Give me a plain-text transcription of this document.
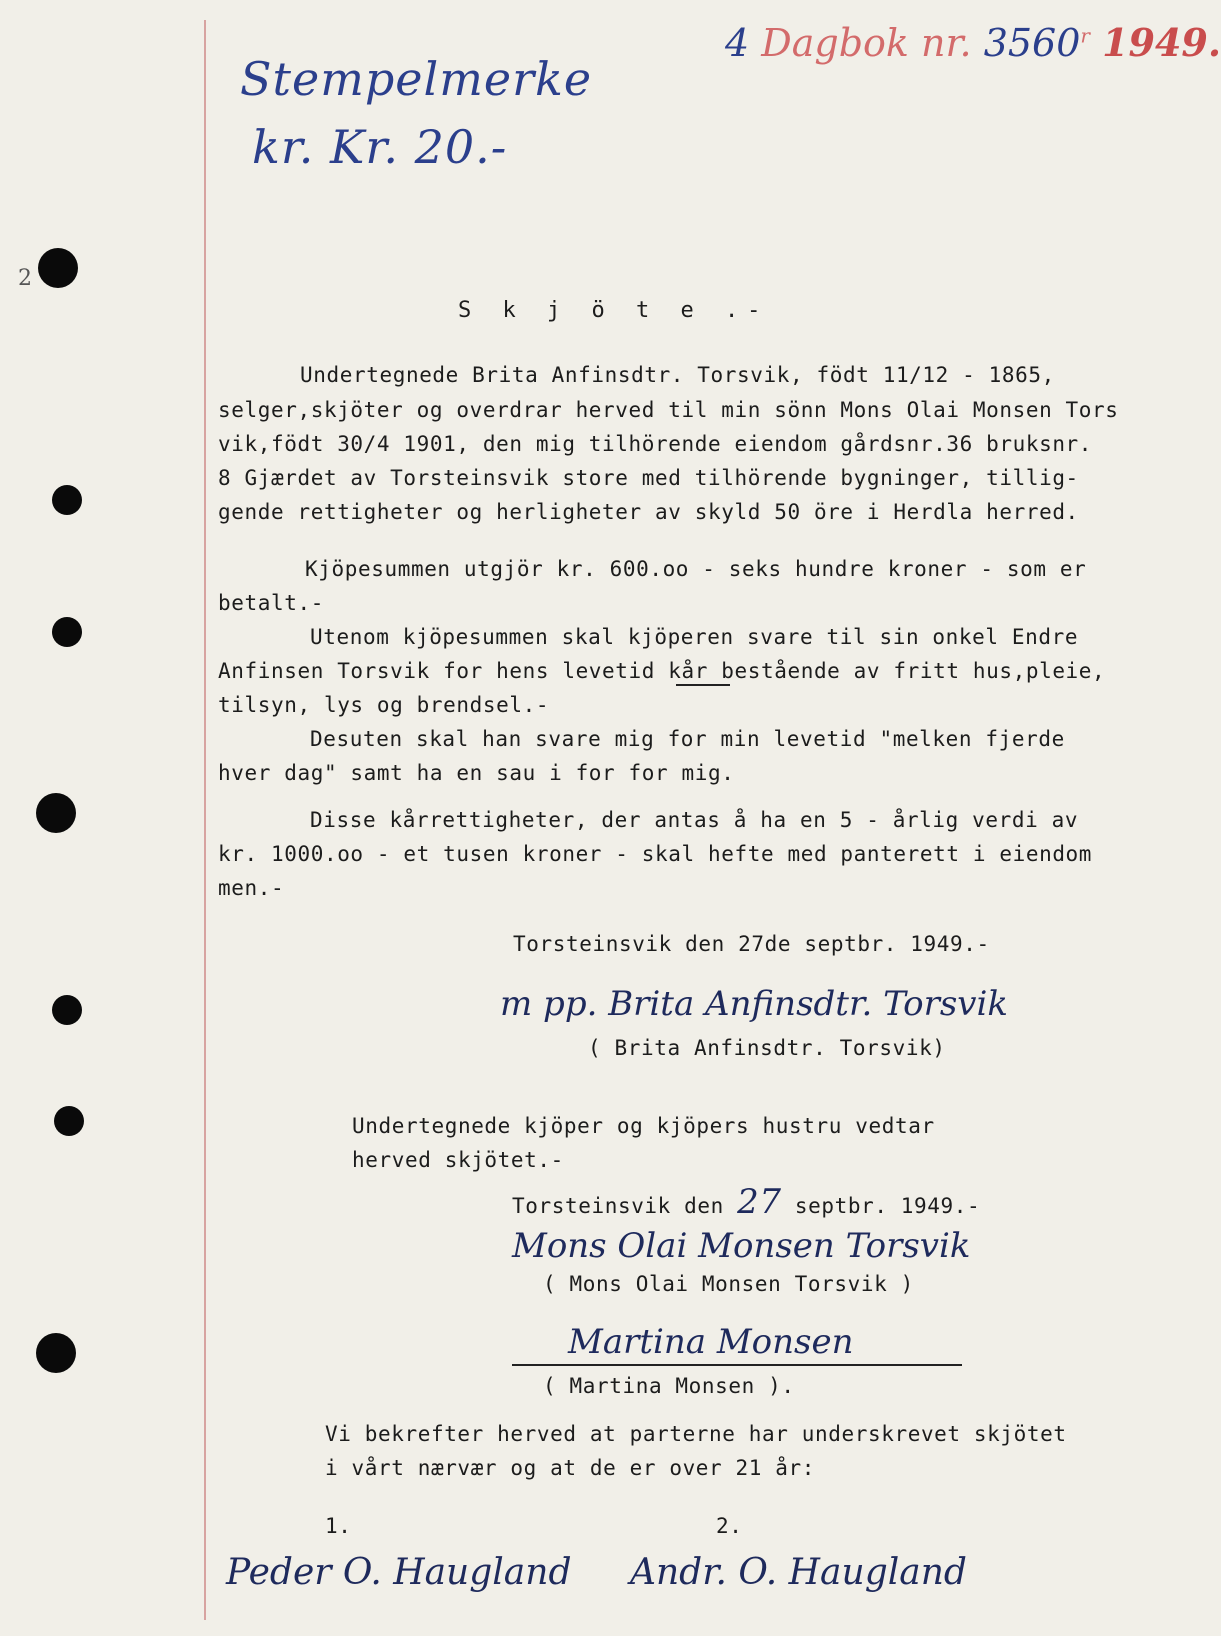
2
Stempelmerke
kr. Kr. 20.-
4 Dagbok nr. 3560$^r$ 1949.
S k j ö t e .-
Undertegnede Brita Anfinsdtr. Torsvik, födt 11/12 - 1865,
selger,skjöter og overdrar herved til min sönn Mons Olai Monsen Tors
vik,födt 30/4 1901, den mig tilhörende eiendom gårdsnr.36 bruksnr.
8 Gjærdet av Torsteinsvik store med tilhörende bygninger, tillig-
gende rettigheter og herligheter av skyld 50 öre i Herdla herred.
Kjöpesummen utgjör kr. 600.oo - seks hundre kroner - som er
betalt.-
Utenom kjöpesummen skal kjöperen svare til sin onkel Endre
Anfinsen Torsvik for hens levetid kår bestående av fritt hus,pleie,
tilsyn, lys og brendsel.-
Desuten skal han svare mig for min levetid "melken fjerde
hver dag" samt ha en sau i for for mig.
Disse kårrettigheter, der antas å ha en 5 - årlig verdi av
kr. 1000.oo - et tusen kroner - skal hefte med panterett i eiendom
men.-
Torsteinsvik den 27de septbr. 1949.-
m pp. Brita Anfinsdtr. Torsvik
( Brita Anfinsdtr. Torsvik)
Undertegnede kjöper og kjöpers hustru vedtar
herved skjötet.-
Torsteinsvik den 27 septbr. 1949.-
Mons Olai Monsen Torsvik
( Mons Olai Monsen Torsvik )
Martina Monsen
( Martina Monsen ).
Vi bekrefter herved at parterne har underskrevet skjötet
i vårt nærvær og at de er over 21 år:
1.	2.
Peder O. Haugland Andr. O. Haugland
